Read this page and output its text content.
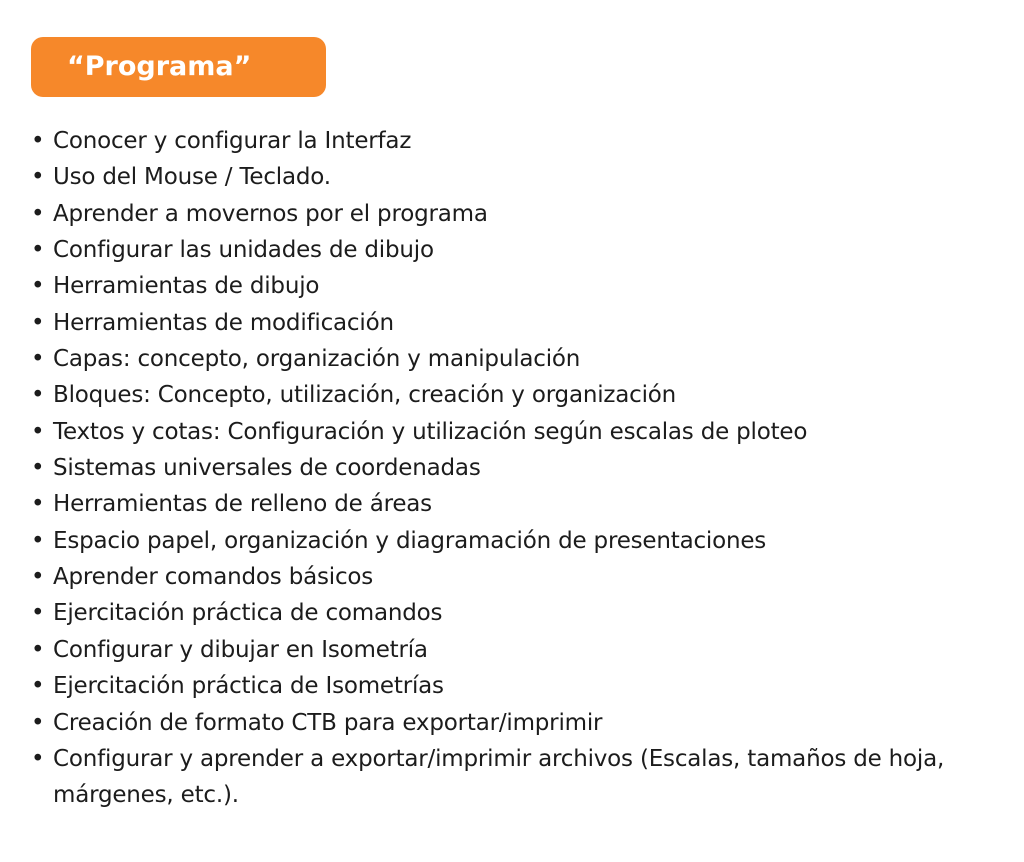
“Programa”
• Conocer y configurar la Interfaz
• Uso del Mouse / Teclado.
• Aprender a movernos por el programa
• Configurar las unidades de dibujo
• Herramientas de dibujo
• Herramientas de modificación
• Capas: concepto, organización y manipulación
• Bloques: Concepto, utilización, creación y organización
• Textos y cotas: Configuración y utilización según escalas de ploteo
• Sistemas universales de coordenadas
• Herramientas de relleno de áreas
• Espacio papel, organización y diagramación de presentaciones
• Aprender comandos básicos
• Ejercitación práctica de comandos
• Configurar y dibujar en Isometría
• Ejercitación práctica de Isometrías
• Creación de formato CTB para exportar/imprimir
• Configurar y aprender a exportar/imprimir archivos (Escalas, tamaños de hoja, márgenes, etc.).
